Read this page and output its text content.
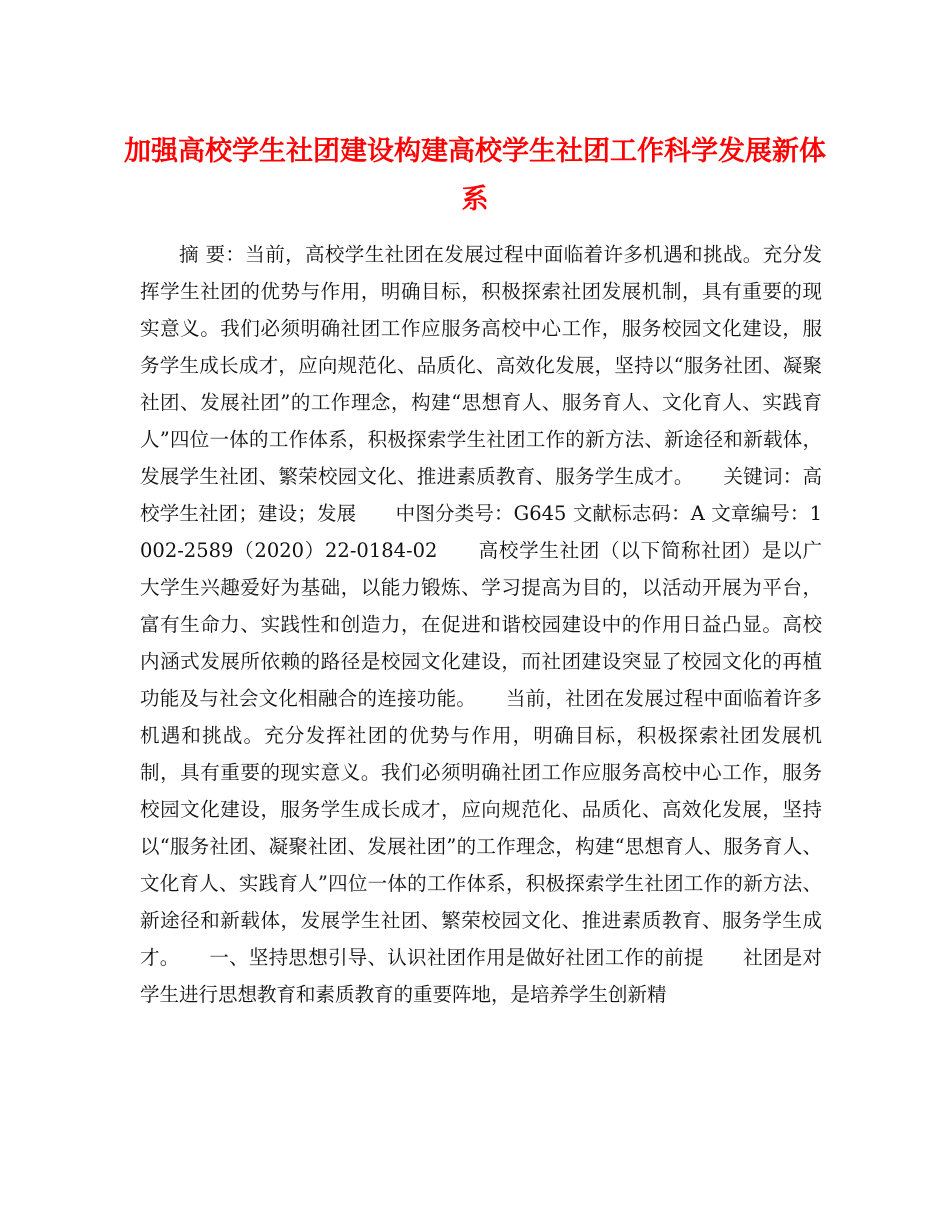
加强高校学生社团建设构建高校学生社团工作科学发展新体系

摘 要：当前，高校学生社团在发展过程中面临着许多机遇和挑战。充分发挥学生社团的优势与作用，明确目标，积极探索社团发展机制，具有重要的现实意义。我们必须明确社团工作应服务高校中心工作，服务校园文化建设，服务学生成长成才，应向规范化、品质化、高效化发展，坚持以“服务社团、凝聚社团、发展社团”的工作理念，构建“思想育人、服务育人、文化育人、实践育人”四位一体的工作体系，积极探索学生社团工作的新方法、新途径和新载体，发展学生社团、繁荣校园文化、推进素质教育、服务学生成才。　　关键词：高校学生社团；建设；发展　　中图分类号：G645 文献标志码：A 文章编号：1002-2589（2020）22-0184-02　　高校学生社团（以下简称社团）是以广大学生兴趣爱好为基础，以能力锻炼、学习提高为目的，以活动开展为平台，富有生命力、实践性和创造力，在促进和谐校园建设中的作用日益凸显。高校内涵式发展所依赖的路径是校园文化建设，而社团建设突显了校园文化的再植功能及与社会文化相融合的连接功能。　　当前，社团在发展过程中面临着许多机遇和挑战。充分发挥社团的优势与作用，明确目标，积极探索社团发展机制，具有重要的现实意义。我们必须明确社团工作应服务高校中心工作，服务校园文化建设，服务学生成长成才，应向规范化、品质化、高效化发展，坚持以“服务社团、凝聚社团、发展社团”的工作理念，构建“思想育人、服务育人、文化育人、实践育人”四位一体的工作体系，积极探索学生社团工作的新方法、新途径和新载体，发展学生社团、繁荣校园文化、推进素质教育、服务学生成才。　　一、坚持思想引导、认识社团作用是做好社团工作的前提　　社团是对学生进行思想教育和素质教育的重要阵地，是培养学生创新精
